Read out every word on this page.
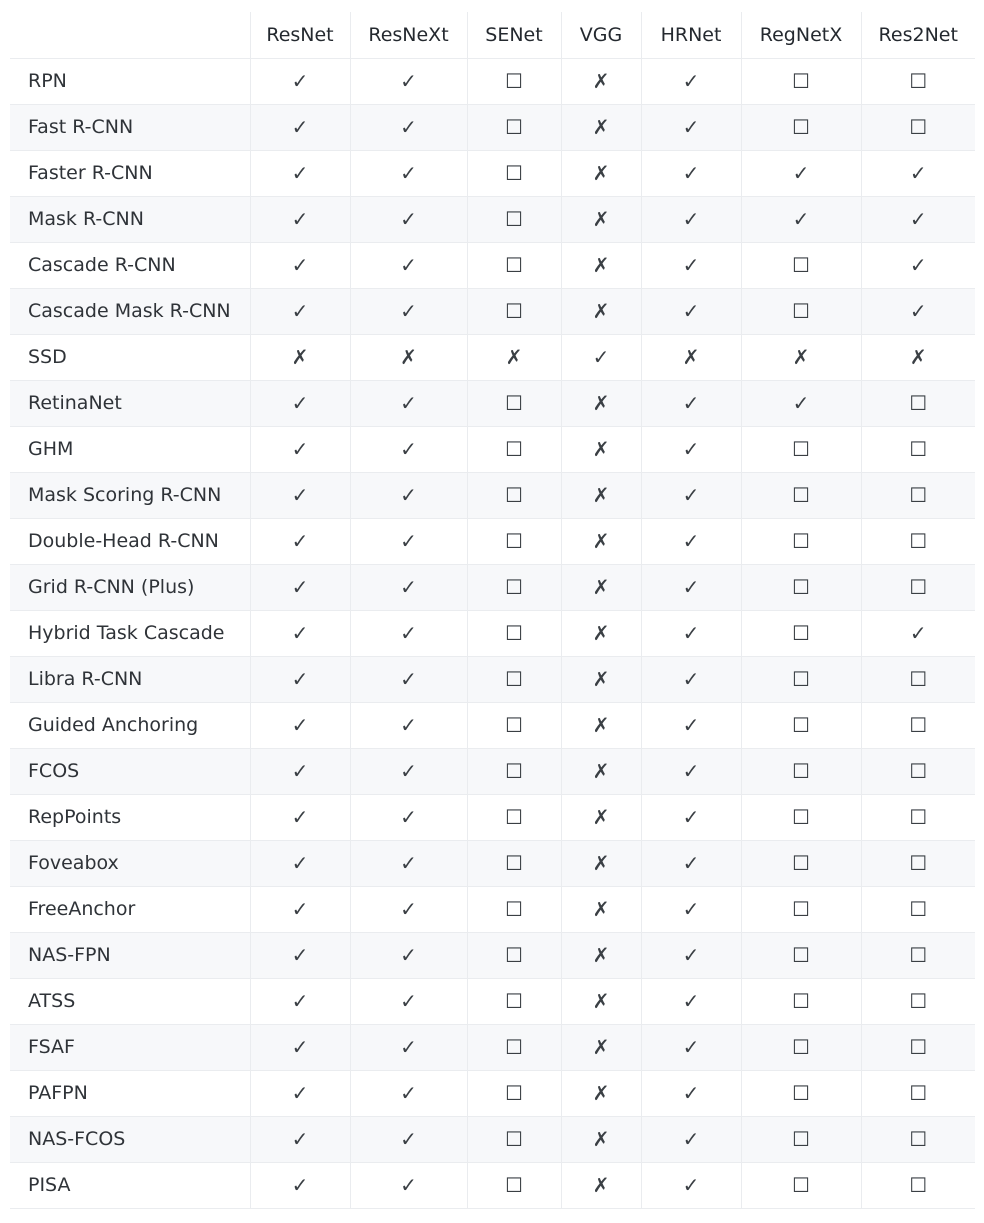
	ResNet	ResNeXt	SENet	VGG	HRNet	RegNetX	Res2Net
RPN	✓	✓	☐	✗	✓	☐	☐
Fast R-CNN	✓	✓	☐	✗	✓	☐	☐
Faster R-CNN	✓	✓	☐	✗	✓	✓	✓
Mask R-CNN	✓	✓	☐	✗	✓	✓	✓
Cascade R-CNN	✓	✓	☐	✗	✓	☐	✓
Cascade Mask R-CNN	✓	✓	☐	✗	✓	☐	✓
SSD	✗	✗	✗	✓	✗	✗	✗
RetinaNet	✓	✓	☐	✗	✓	✓	☐
GHM	✓	✓	☐	✗	✓	☐	☐
Mask Scoring R-CNN	✓	✓	☐	✗	✓	☐	☐
Double-Head R-CNN	✓	✓	☐	✗	✓	☐	☐
Grid R-CNN (Plus)	✓	✓	☐	✗	✓	☐	☐
Hybrid Task Cascade	✓	✓	☐	✗	✓	☐	✓
Libra R-CNN	✓	✓	☐	✗	✓	☐	☐
Guided Anchoring	✓	✓	☐	✗	✓	☐	☐
FCOS	✓	✓	☐	✗	✓	☐	☐
RepPoints	✓	✓	☐	✗	✓	☐	☐
Foveabox	✓	✓	☐	✗	✓	☐	☐
FreeAnchor	✓	✓	☐	✗	✓	☐	☐
NAS-FPN	✓	✓	☐	✗	✓	☐	☐
ATSS	✓	✓	☐	✗	✓	☐	☐
FSAF	✓	✓	☐	✗	✓	☐	☐
PAFPN	✓	✓	☐	✗	✓	☐	☐
NAS-FCOS	✓	✓	☐	✗	✓	☐	☐
PISA	✓	✓	☐	✗	✓	☐	☐
